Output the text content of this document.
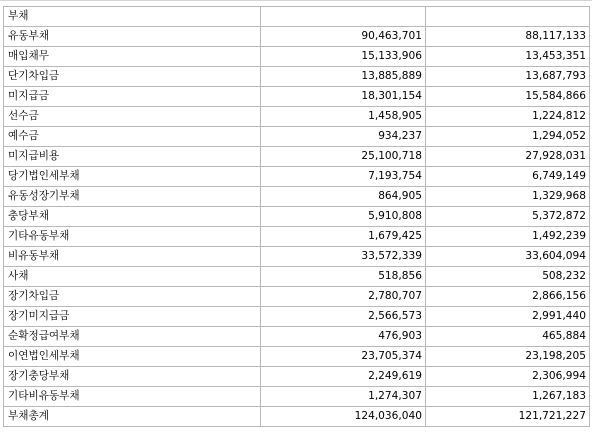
부채		
유동부채	90,463,701	88,117,133
매입채무	15,133,906	13,453,351
단기차입금	13,885,889	13,687,793
미지급금	18,301,154	15,584,866
선수금	1,458,905	1,224,812
예수금	934,237	1,294,052
미지급비용	25,100,718	27,928,031
당기법인세부채	7,193,754	6,749,149
유동성장기부채	864,905	1,329,968
충당부채	5,910,808	5,372,872
기타유동부채	1,679,425	1,492,239
비유동부채	33,572,339	33,604,094
사채	518,856	508,232
장기차입금	2,780,707	2,866,156
장기미지급금	2,566,573	2,991,440
순확정급여부채	476,903	465,884
이연법인세부채	23,705,374	23,198,205
장기충당부채	2,249,619	2,306,994
기타비유동부채	1,274,307	1,267,183
부채총계	124,036,040	121,721,227
